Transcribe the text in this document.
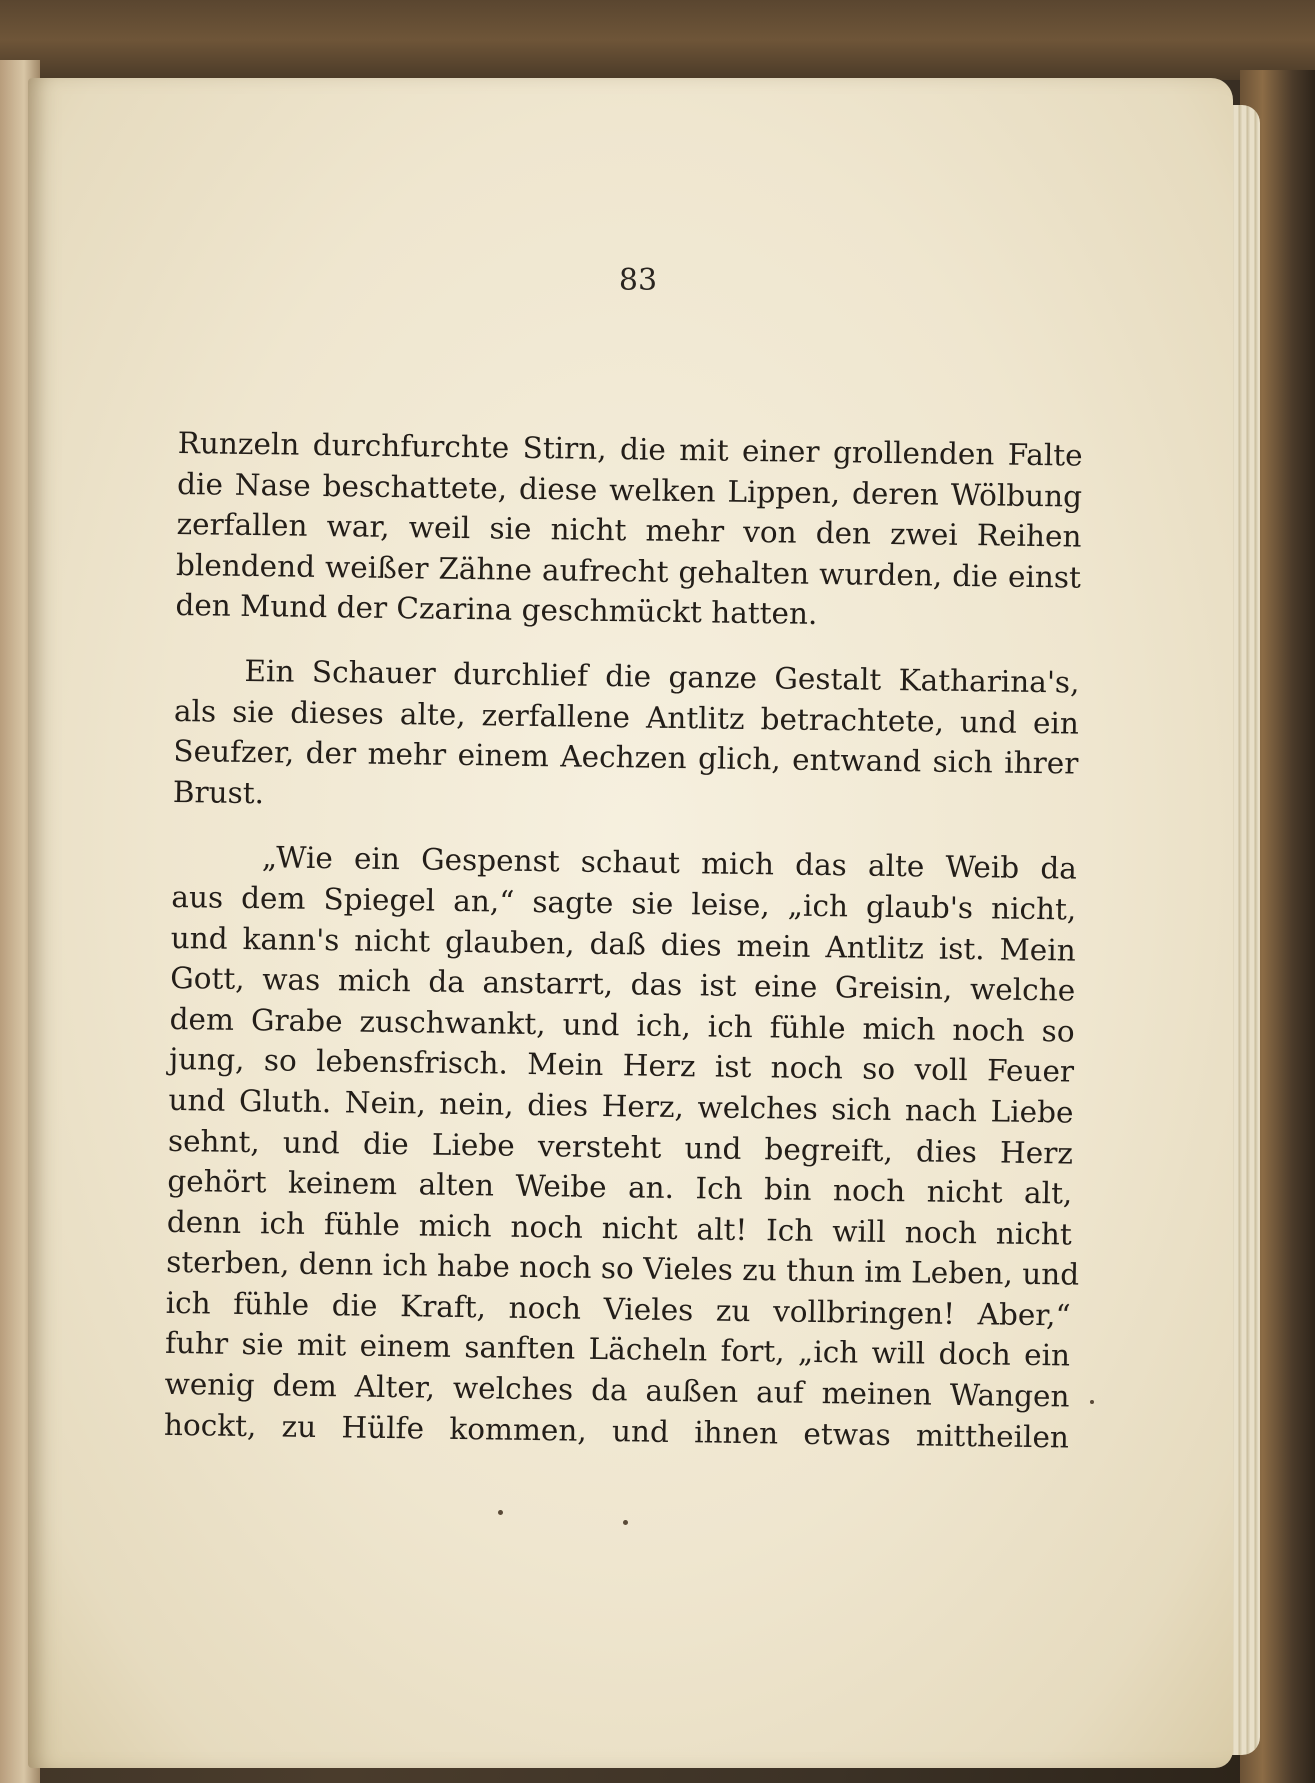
83

Runzeln durchfurchte Stirn, die mit einer grollenden Falte
die Nase beschattete, diese welken Lippen, deren Wölbung
zerfallen war, weil sie nicht mehr von den zwei Reihen
blendend weißer Zähne aufrecht gehalten wurden, die einst
den Mund der Czarina geschmückt hatten.

Ein Schauer durchlief die ganze Gestalt Katharina's,
als sie dieses alte, zerfallene Antlitz betrachtete, und ein
Seufzer, der mehr einem Aechzen glich, entwand sich ihrer
Brust.

„Wie ein Gespenst schaut mich das alte Weib da
aus dem Spiegel an,“ sagte sie leise, „ich glaub's nicht,
und kann's nicht glauben, daß dies mein Antlitz ist. Mein
Gott, was mich da anstarrt, das ist eine Greisin, welche
dem Grabe zuschwankt, und ich, ich fühle mich noch so
jung, so lebensfrisch. Mein Herz ist noch so voll Feuer
und Gluth. Nein, nein, dies Herz, welches sich nach Liebe
sehnt, und die Liebe versteht und begreift, dies Herz
gehört keinem alten Weibe an. Ich bin noch nicht alt,
denn ich fühle mich noch nicht alt! Ich will noch nicht
sterben, denn ich habe noch so Vieles zu thun im Leben, und
ich fühle die Kraft, noch Vieles zu vollbringen! Aber,“
fuhr sie mit einem sanften Lächeln fort, „ich will doch ein
wenig dem Alter, welches da außen auf meinen Wangen
hockt, zu Hülfe kommen, und ihnen etwas mittheilen
